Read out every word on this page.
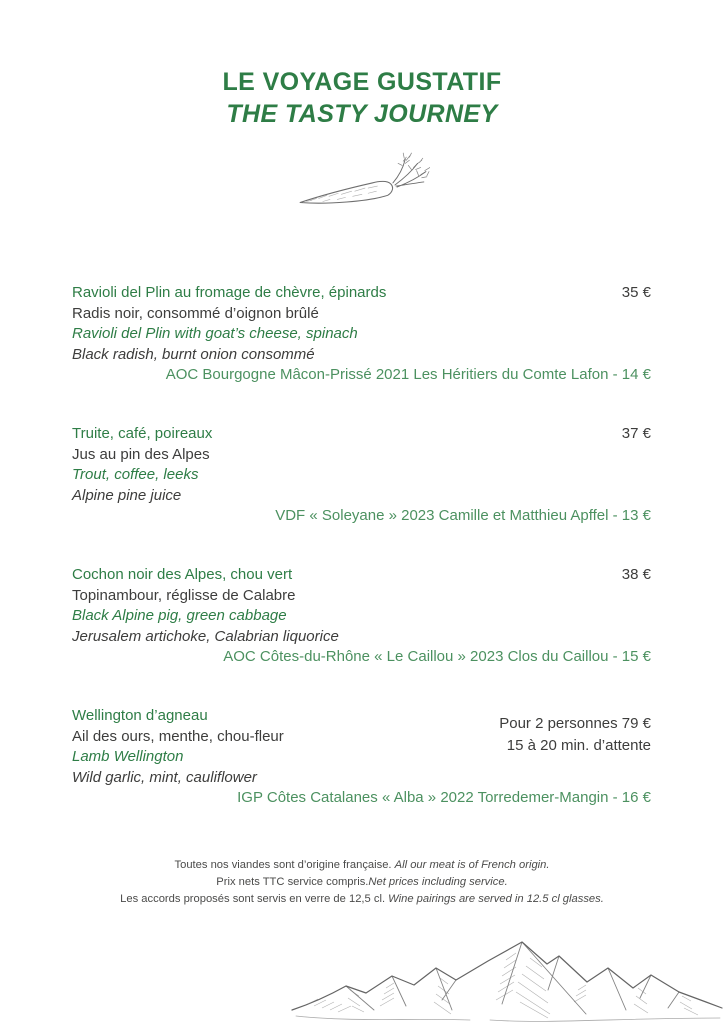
LE VOYAGE GUSTATIF
THE TASTY JOURNEY
Ravioli del Plin au fromage de chèvre, épinards	35 €

Radis noir, consommé d’oignon brûlé

Ravioli del Plin with goat’s cheese, spinach

Black radish, burnt onion consommé

AOC Bourgogne Mâcon-Prissé 2021 Les Héritiers du Comte Lafon - 14 €

Truite, café, poireaux	37 €

Jus au pin des Alpes

Trout, coffee, leeks

Alpine pine juice

VDF « Soleyane » 2023 Camille et Matthieu Apffel - 13 €

Cochon noir des Alpes, chou vert	38 €

Topinambour, réglisse de Calabre

Black Alpine pig, green cabbage

Jerusalem artichoke, Calabrian liquorice

AOC Côtes-du-Rhône « Le Caillou » 2023 Clos du Caillou - 15 €

Wellington d’agneau	Pour 2 personnes 79 €
15 à 20 min. d’attente

Ail des ours, menthe, chou-fleur

Lamb Wellington

Wild garlic, mint, cauliflower

IGP Côtes Catalanes « Alba » 2022 Torredemer-Mangin - 16 €

Toutes nos viandes sont d’origine française. All our meat is of French origin.

Prix nets TTC service compris.Net prices including service.

Les accords proposés sont servis en verre de 12,5 cl. Wine pairings are served in 12.5 cl glasses.
